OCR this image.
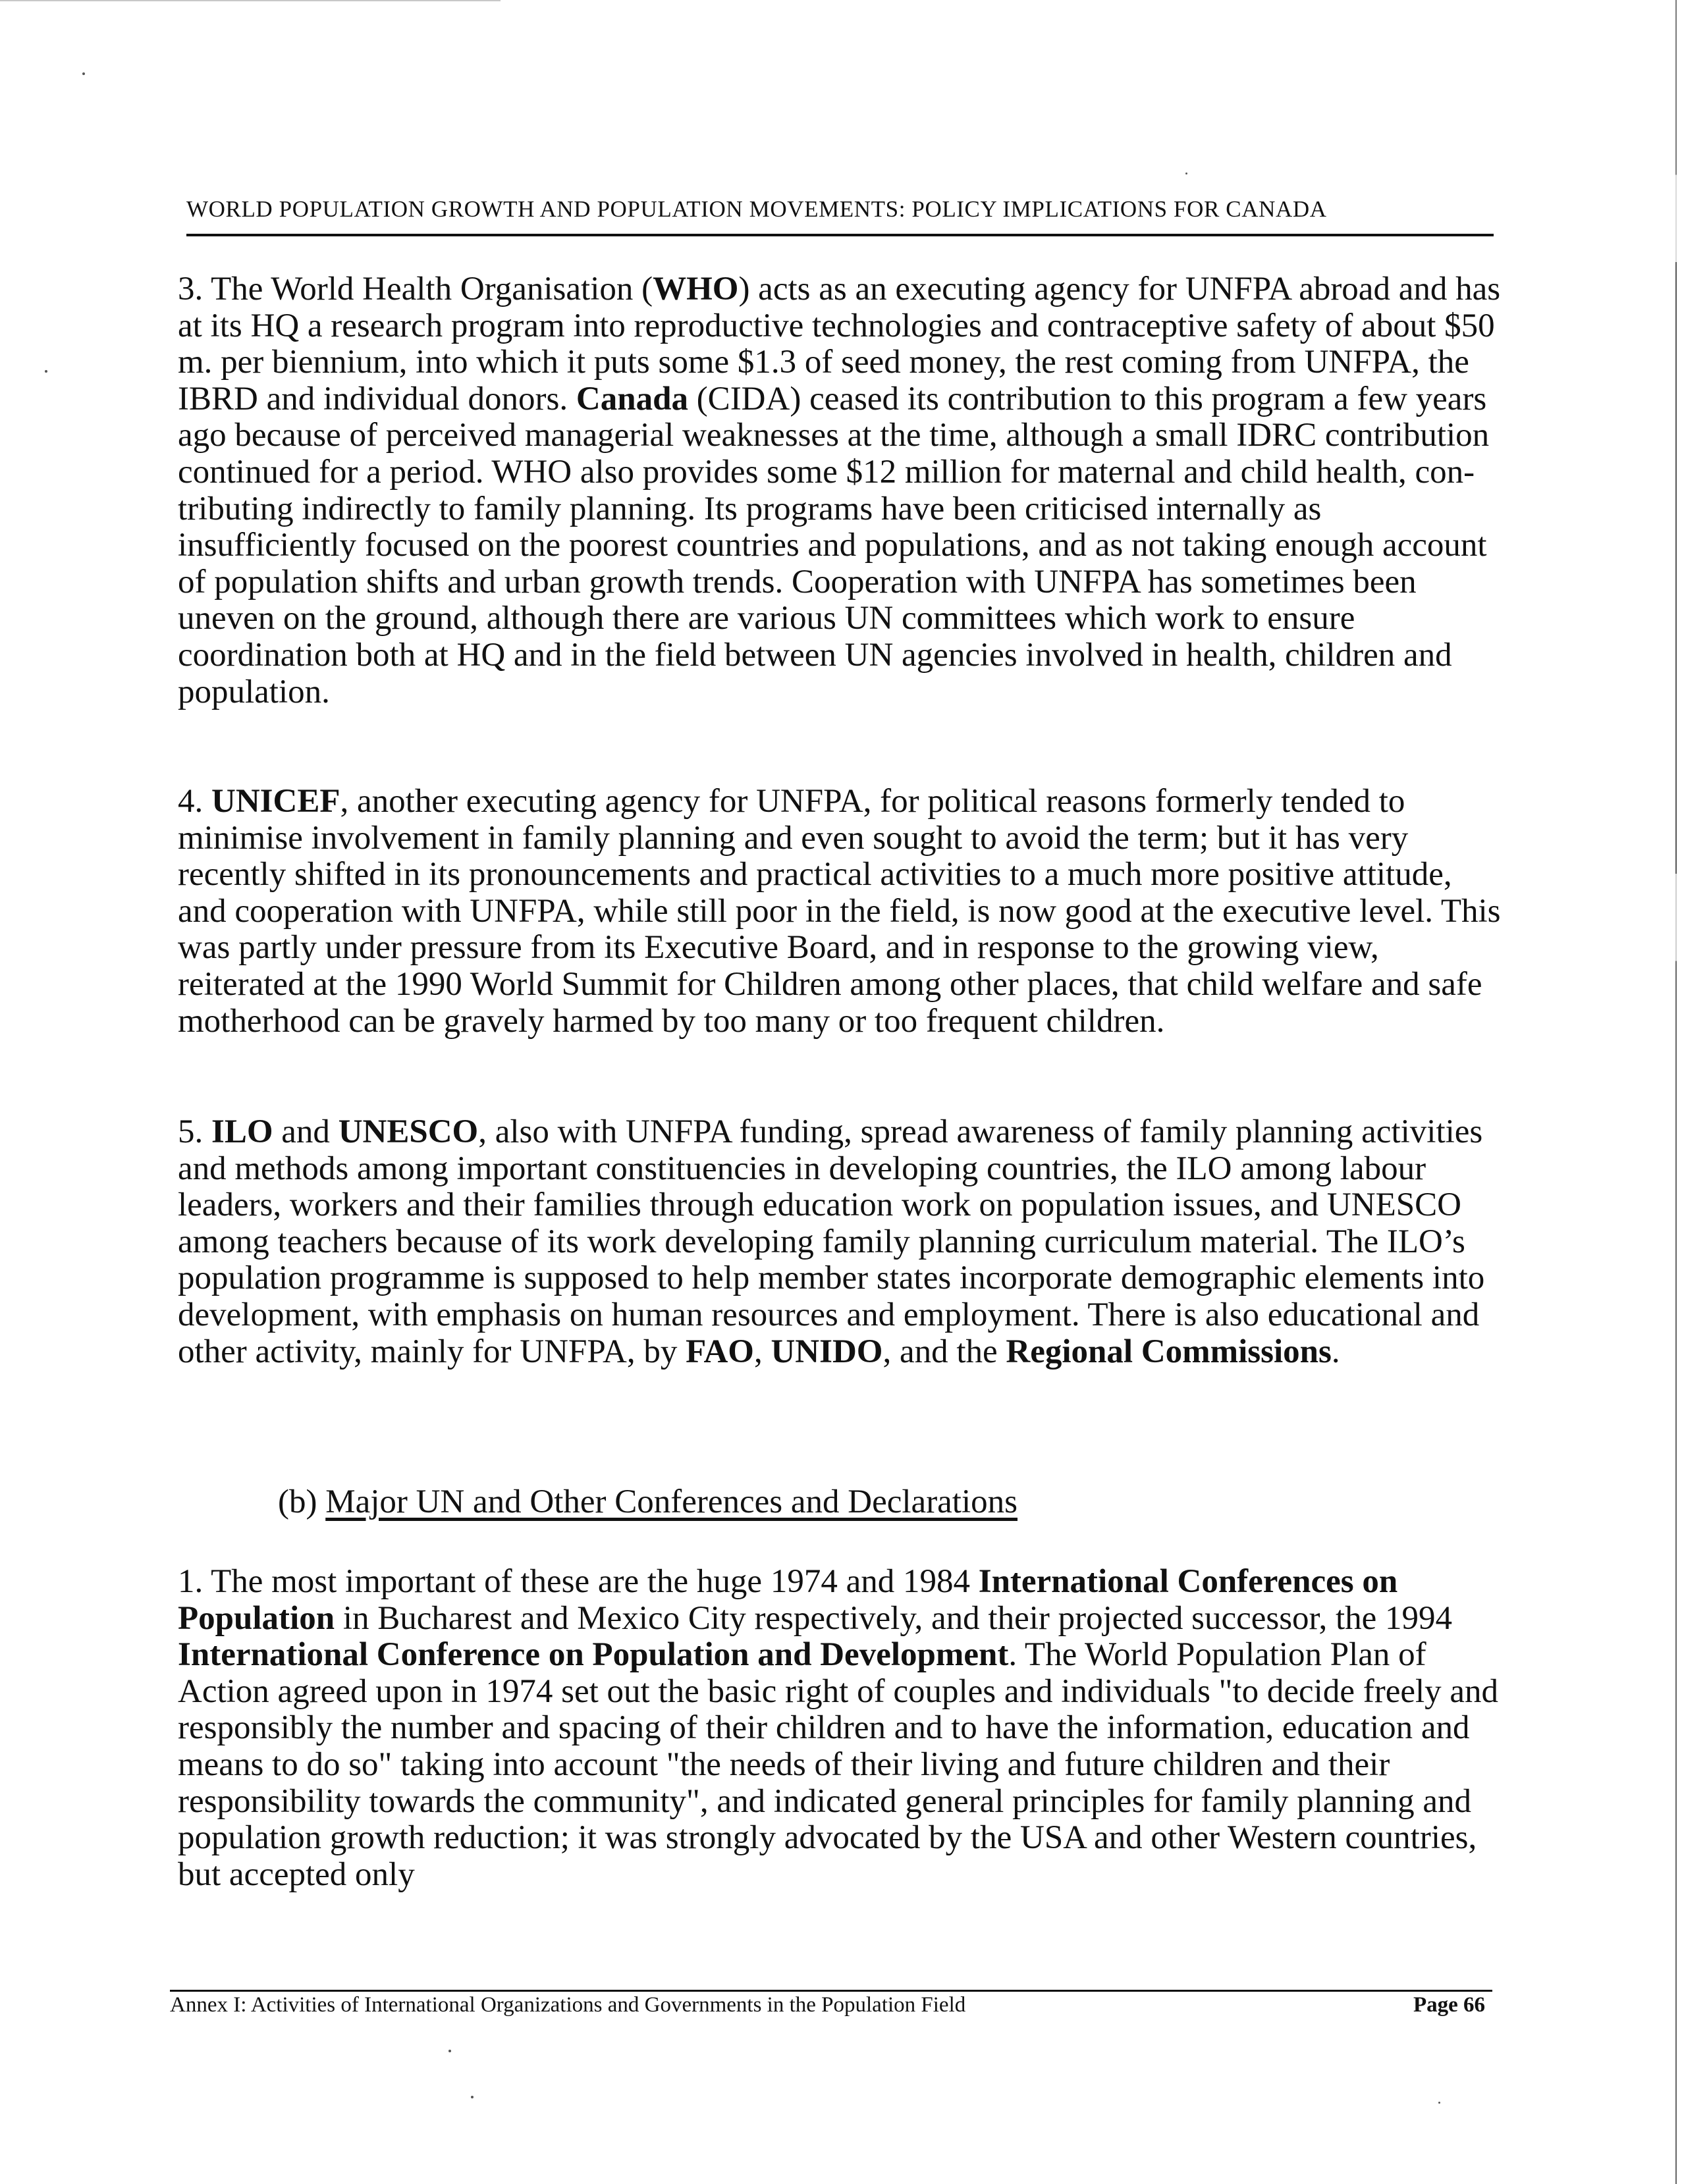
WORLD POPULATION GROWTH AND POPULATION MOVEMENTS: POLICY IMPLICATIONS FOR CANADA

3. The World Health Organisation (WHO) acts as an executing agency for UNFPA abroad and has at its HQ a research program into reproductive technologies and contraceptive safety of about $50 m. per biennium, into which it puts some $1.3 of seed money, the rest coming from UNFPA, the IBRD and individual donors. Canada (CIDA) ceased its contribution to this program a few years ago because of perceived managerial weaknesses at the time, although a small IDRC contribution continued for a period. WHO also provides some $12 million for maternal and child health, con-tributing indirectly to family planning. Its programs have been criticised internally as insufficiently focused on the poorest countries and populations, and as not taking enough account of population shifts and urban growth trends. Cooperation with UNFPA has sometimes been uneven on the ground, although there are various UN committees which work to ensure coordination both at HQ and in the field between UN agencies involved in health, children and population.

4. UNICEF, another executing agency for UNFPA, for political reasons formerly tended to minimise involvement in family planning and even sought to avoid the term; but it has very recently shifted in its pronouncements and practical activities to a much more positive attitude, and cooperation with UNFPA, while still poor in the field, is now good at the executive level. This was partly under pressure from its Executive Board, and in response to the growing view, reiterated at the 1990 World Summit for Children among other places, that child welfare and safe motherhood can be gravely harmed by too many or too frequent children.

5. ILO and UNESCO, also with UNFPA funding, spread awareness of family planning activities and methods among important constituencies in developing countries, the ILO among labour leaders, workers and their families through education work on population issues, and UNESCO among teachers because of its work developing family planning curriculum material. The ILO’s population programme is supposed to help member states incorporate demographic elements into development, with emphasis on human resources and employment. There is also educational and other activity, mainly for UNFPA, by FAO, UNIDO, and the Regional Commissions.

(b) Major UN and Other Conferences and Declarations

1. The most important of these are the huge 1974 and 1984 International Conferences on Population in Bucharest and Mexico City respectively, and their projected successor, the 1994 International Conference on Population and Development. The World Population Plan of Action agreed upon in 1974 set out the basic right of couples and individuals "to decide freely and responsibly the number and spacing of their children and to have the information, education and means to do so" taking into account "the needs of their living and future children and their responsibility towards the community", and indicated general principles for family planning and population growth reduction; it was strongly advocated by the USA and other Western countries, but accepted only

Annex I: Activities of International Organizations and Governments in the Population Field	Page 66
